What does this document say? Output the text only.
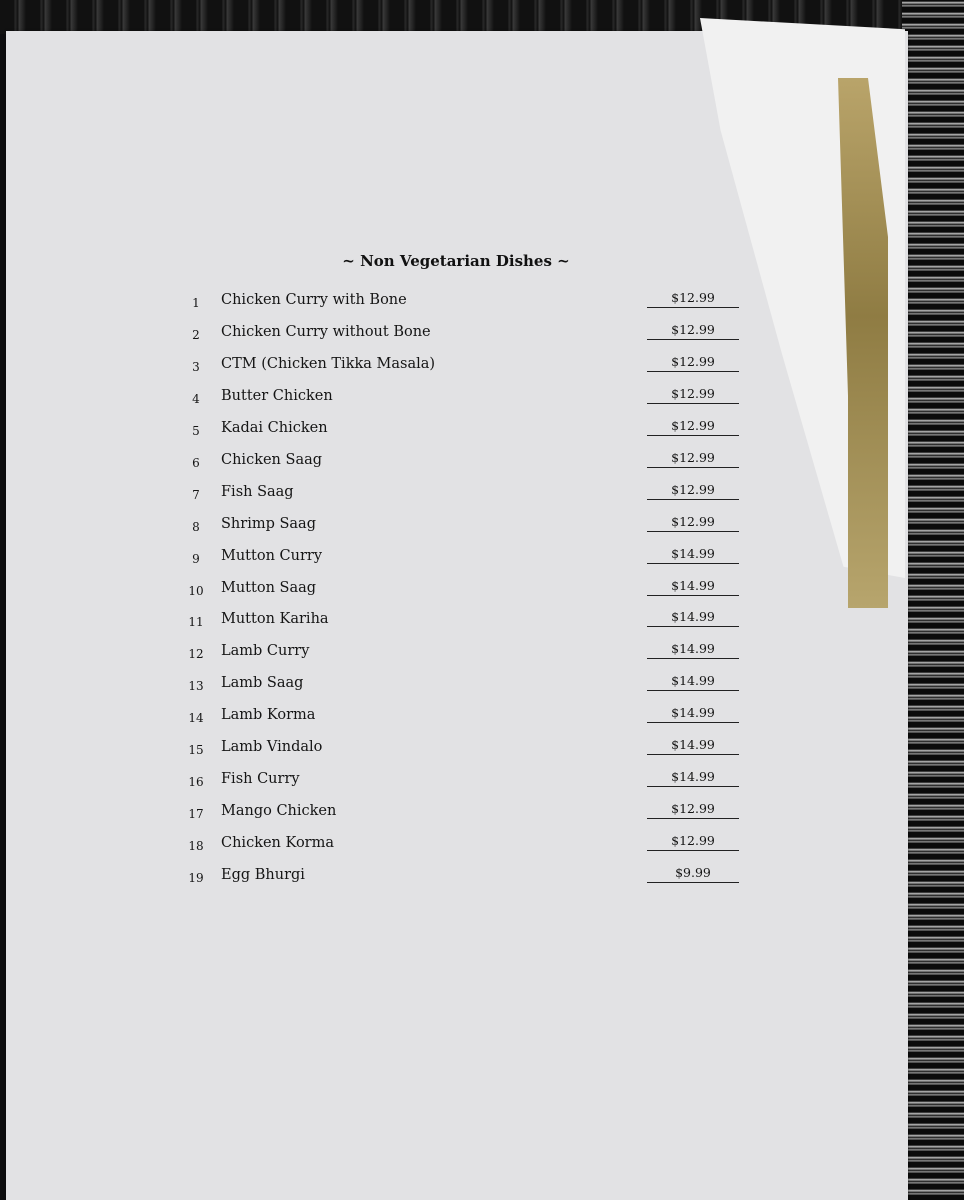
~ Non Vegetarian Dishes ~
1	Chicken Curry with Bone	$12.99
2	Chicken Curry without Bone	$12.99
3	CTM (Chicken Tikka Masala)	$12.99
4	Butter Chicken	$12.99
5	Kadai Chicken	$12.99
6	Chicken Saag	$12.99
7	Fish Saag	$12.99
8	Shrimp Saag	$12.99
9	Mutton Curry	$14.99
10	Mutton Saag	$14.99
11	Mutton Kariha	$14.99
12	Lamb Curry	$14.99
13	Lamb Saag	$14.99
14	Lamb Korma	$14.99
15	Lamb Vindalo	$14.99
16	Fish Curry	$14.99
17	Mango Chicken	$12.99
18	Chicken Korma	$12.99
19	Egg Bhurgi	$9.99
